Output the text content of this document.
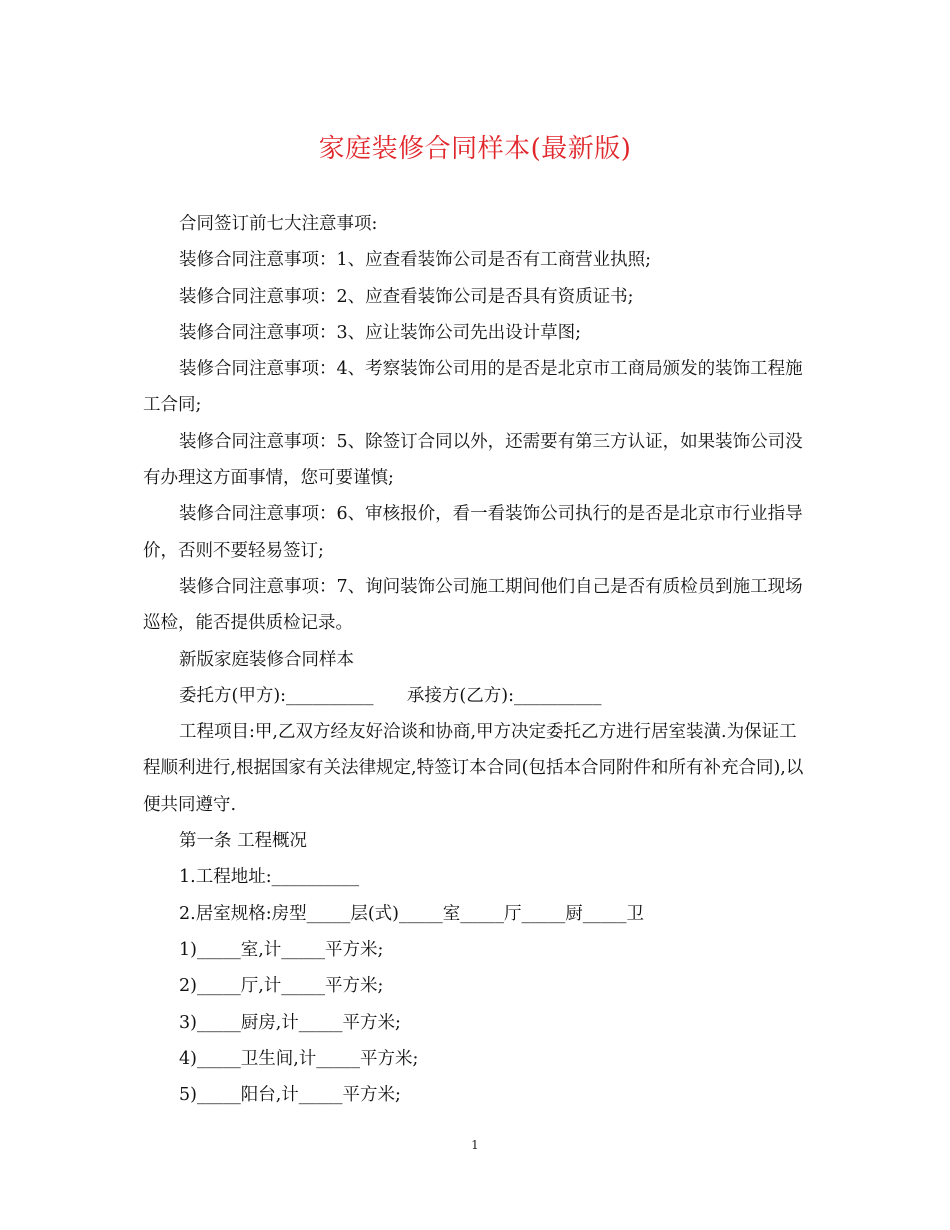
家庭装修合同样本(最新版)

合同签订前七大注意事项:

装修合同注意事项：1、应查看装饰公司是否有工商营业执照;

装修合同注意事项：2、应查看装饰公司是否具有资质证书;

装修合同注意事项：3、应让装饰公司先出设计草图;

装修合同注意事项：4、考察装饰公司用的是否是北京市工商局颁发的装饰工程施工合同;

装修合同注意事项：5、除签订合同以外，还需要有第三方认证，如果装饰公司没有办理这方面事情，您可要谨慎;

装修合同注意事项：6、审核报价，看一看装饰公司执行的是否是北京市行业指导价，否则不要轻易签订;

装修合同注意事项：7、询问装饰公司施工期间他们自己是否有质检员到施工现场巡检，能否提供质检记录。

新版家庭装修合同样本

委托方(甲方):__________      承接方(乙方):__________

工程项目:甲,乙双方经友好洽谈和协商,甲方决定委托乙方进行居室装潢.为保证工程顺利进行,根据国家有关法律规定,特签订本合同(包括本合同附件和所有补充合同),以便共同遵守.

第一条 工程概况

1.工程地址:__________

2.居室规格:房型_____层(式)_____室_____厅_____厨_____卫

1)_____室,计_____平方米;

2)_____厅,计_____平方米;

3)_____厨房,计_____平方米;

4)_____卫生间,计_____平方米;

5)_____阳台,计_____平方米;

1
